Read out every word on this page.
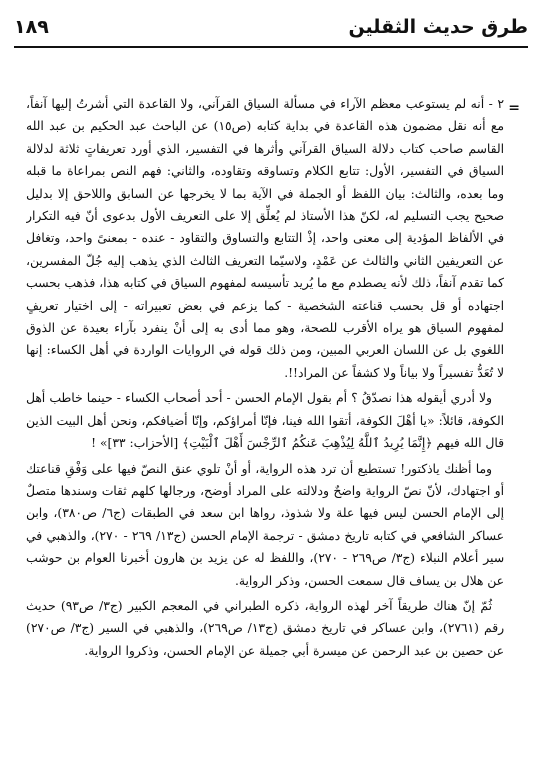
طرق حديث الثقلين
١٨٩
=

٢ - أنه لم يستوعب معظم الآراء في مسألة السياق القرآني، ولا القاعدة التي أشرتُ إليها آنفاً، مع أنه نقل مضمون هذه القاعدة في بداية كتابه (ص١٥) عن الباحث عبد الحكيم بن عبد الله القاسم صاحب كتاب دلالة السياق القرآني وأثرها في التفسير، الذي أورد تعريفاتٍ ثلاثة لدلالة السياق في التفسير، الأول: تتابع الكلام وتساوقه وتقاوده، والثاني: فهم النص بمراعاة ما قبله وما بعده، والثالث: بيان اللفظ أو الجملة في الآية بما لا يخرجها عن السابق واللاحق إلا بدليل صحيح يجب التسليم له، لكنّ هذا الأستاذ لم يُعلِّق إلا على التعريف الأول بدعوى أنّ فيه التكرار في الألفاظ المؤدية إلى معنى واحد، إذْ التتابع والتساوق والتقاود - عنده - بمعنىً واحد، وتغافل عن التعريفين الثاني والثالث عن عَمْدٍ، ولاسيّما التعريف الثالث الذي يذهب إليه جُلّ المفسرين، كما تقدم آنفاً، ذلك لأنه يصطدم مع ما يُريد تأسيسه لمفهوم السياق في كتابه هذا، فذهب بحسب اجتهاده أو قل بحسب قناعته الشخصية - كما يزعم في بعض تعبيراته - إلى اختيار تعريفٍ لمفهوم السياق هو يراه الأقرب للصحة، وهو مما أدى به إلى أنْ ينفرد بآراء بعيدة عن الذوق اللغوي بل عن اللسان العربي المبين، ومن ذلك قوله في الروايات الواردة في أهل الكساء: إنها لا تُعَدُّ تفسيراً ولا بياناً ولا كشفاً عن المراد!!.

ولا أدري أيقوله هذا نصدّقُ ؟ أم بقول الإمام الحسن - أحد أصحاب الكساء - حينما خاطب أهل الكوفة، قائلاً: «يا أهْلَ الكوفة، أتقوا الله فينا، فإنّا أمراؤكم، وإنّا أضيافكم، ونحن أهل البيت الذين قال الله فيهم ﴿إِنَّمَا يُرِيدُ ٱللَّهُ لِيُذْهِبَ عَنكُمُ ٱلرِّجْسَ أَهْلَ ٱلْبَيْتِ﴾ [الأحزاب: ٣٣]» !

وما أظنك ياذكتور! تستطيع أن ترد هذه الرواية، أو أنْ تلوي عنق النصّ فيها على وَفْقِ قناعتك أو اجتهادك، لأنّ نصّ الرواية واضحٌ ودلالته على المراد أوضح، ورجالها كلهم ثقات وسندها متصلٌ إلى الإمام الحسن ليس فيها علة ولا شذوذ، رواها ابن سعد في الطبقات (ج٦/ ص٣٨٠)، وابن عساكر الشافعي في كتابه تاريخ دمشق - ترجمة الإمام الحسن (ج١٣/ ٢٦٩ - ٢٧٠)، والذهبي في سير أعلام النبلاء (ج٣/ ص٢٦٩ - ٢٧٠)، واللفظ له عن يزيد بن هارون أخبرنا العوام بن حوشب عن هلال بن يساف قال سمعت الحسن، وذكر الرواية.

ثُمّ إنّ هناك طريقاً آخر لهذه الرواية، ذكره الطبراني في المعجم الكبير (ج٣/ ص٩٣) حديث رقم (٢٧٦١)، وابن عساكر في تاريخ دمشق (ج١٣/ ص٢٦٩)، والذهبي في السير (ج٣/ ص٢٧٠) عن حصين بن عبد الرحمن عن ميسرة أبي جميلة عن الإمام الحسن، وذكروا الرواية.
